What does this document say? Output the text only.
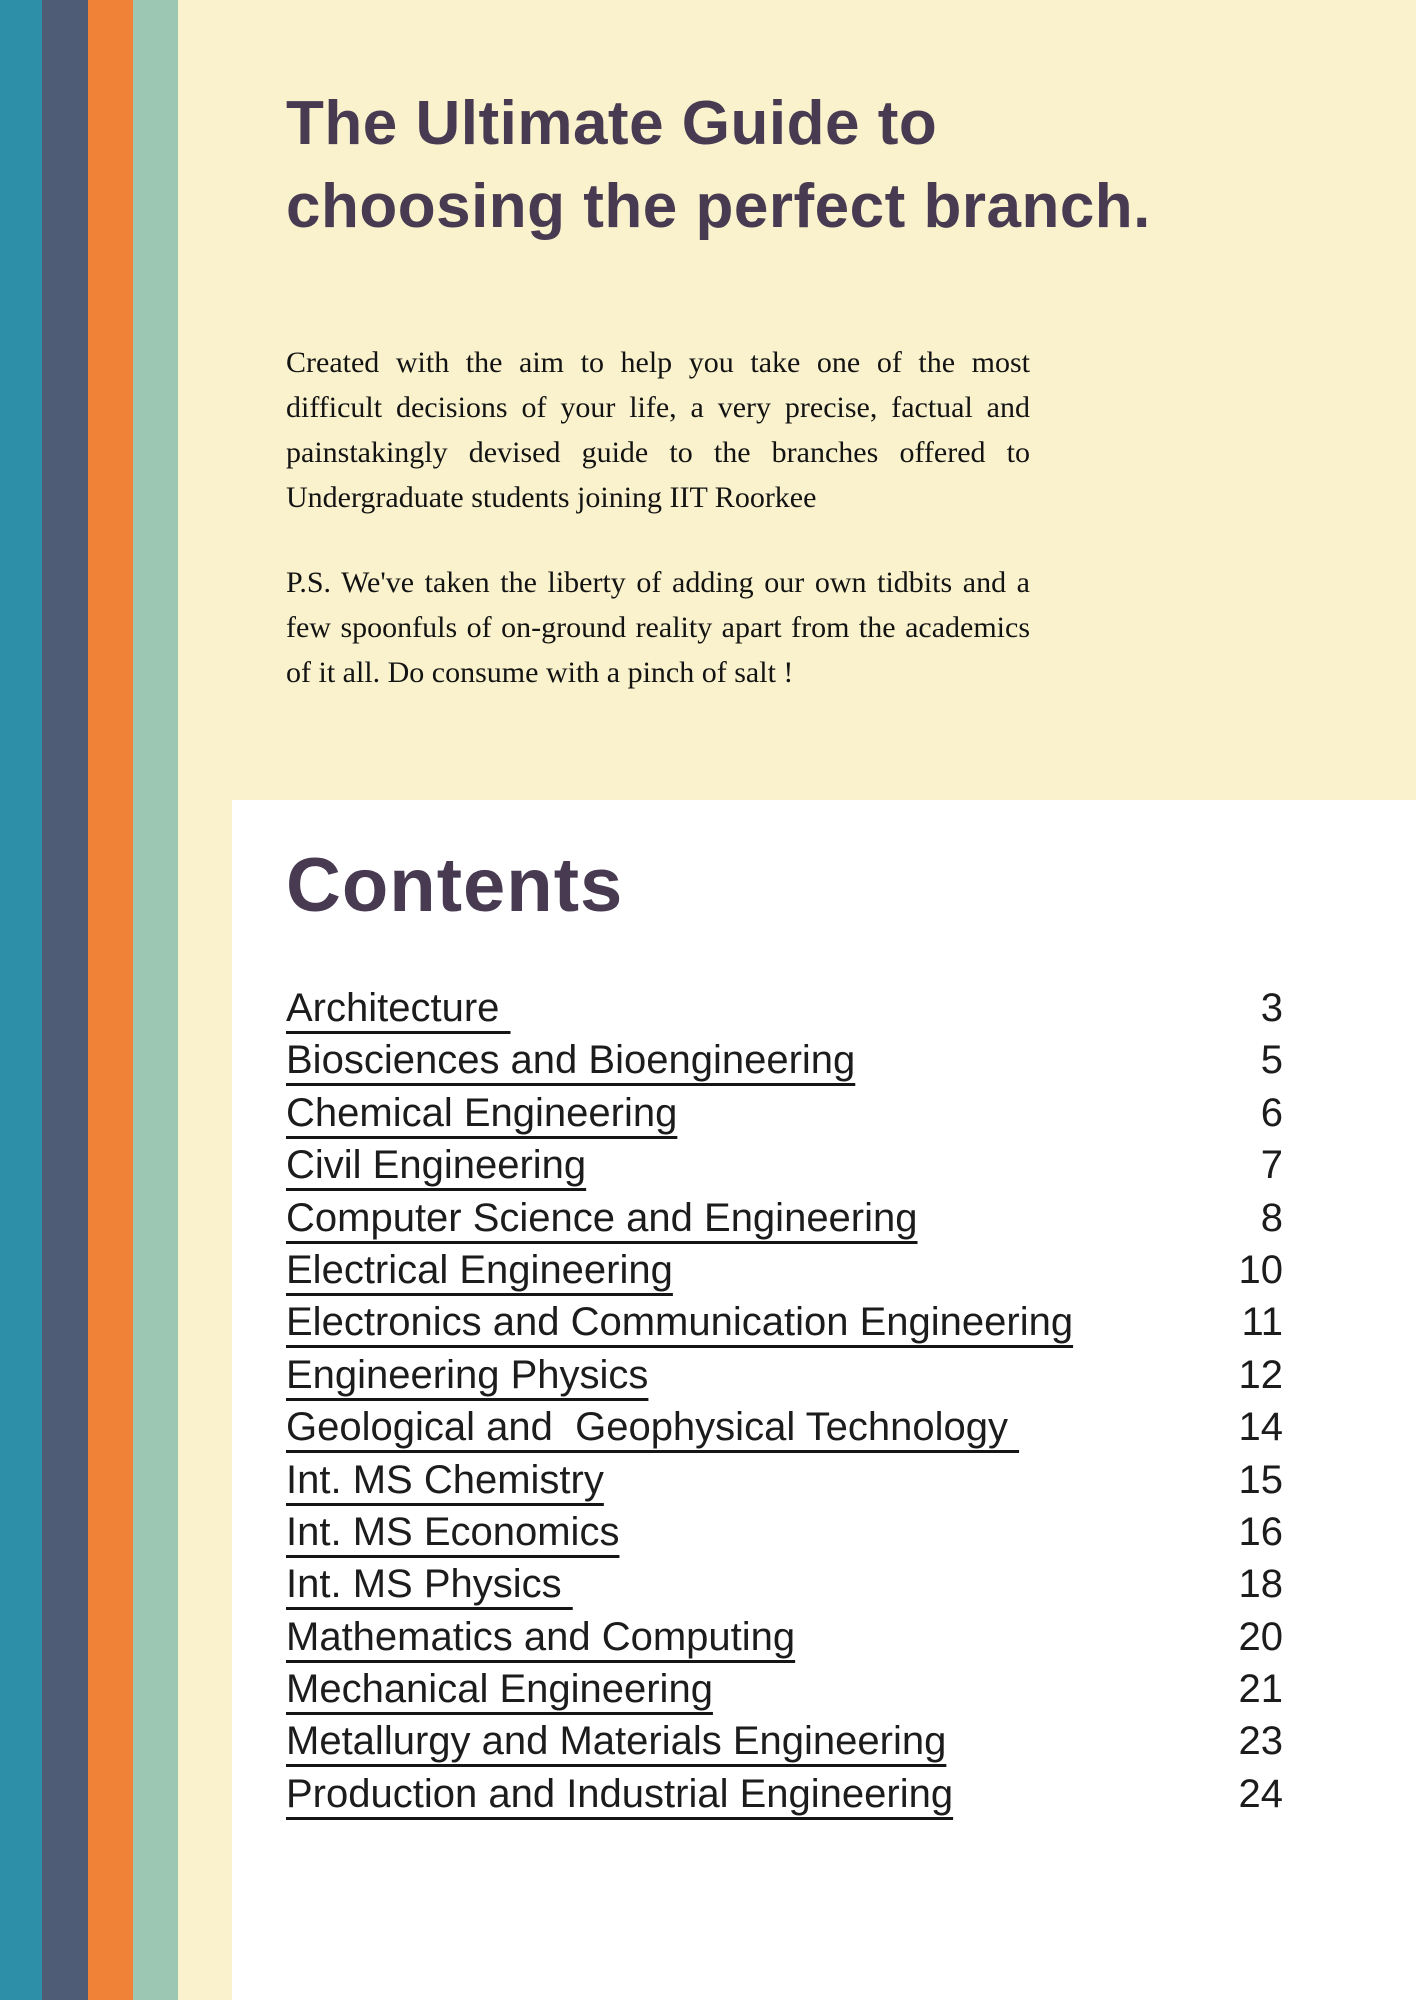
The Ultimate Guide to
choosing the perfect branch.

Created with the aim to help you take one of the most difficult decisions of your life, a very precise, factual and painstakingly devised guide to the branches offered to Undergraduate students joining IIT Roorkee

P.S. We've taken the liberty of adding our own tidbits and a few spoonfuls of on-ground reality apart from the academics of it all. Do consume with a pinch of salt !

Contents
Architecture	3
Biosciences and Bioengineering	5
Chemical Engineering	6
Civil Engineering	7
Computer Science and Engineering	8
Electrical Engineering	10
Electronics and Communication Engineering	11
Engineering Physics	12
Geological and  Geophysical Technology	14
Int. MS Chemistry	15
Int. MS Economics	16
Int. MS Physics	18
Mathematics and Computing	20
Mechanical Engineering	21
Metallurgy and Materials Engineering	23
Production and Industrial Engineering	24
